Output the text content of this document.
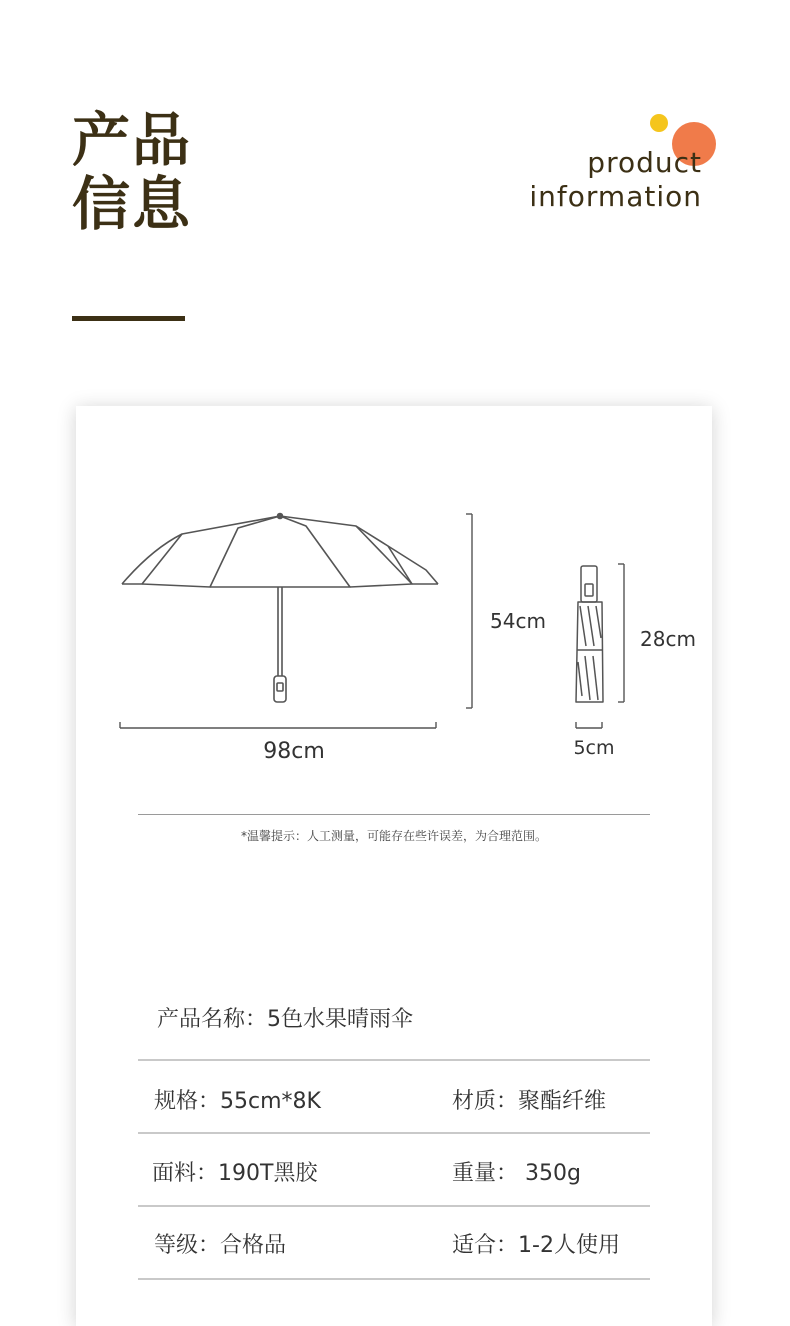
产品
信息
product
information
98cm
54cm
28cm
5cm
*温馨提示：人工测量，可能存在些许误差，为合理范围。
产品名称：5色水果晴雨伞
规格：55cm*8K	材质：聚酯纤维
面料：190T黑胶	重量： 350g
等级：合格品	适合：1-2人使用
